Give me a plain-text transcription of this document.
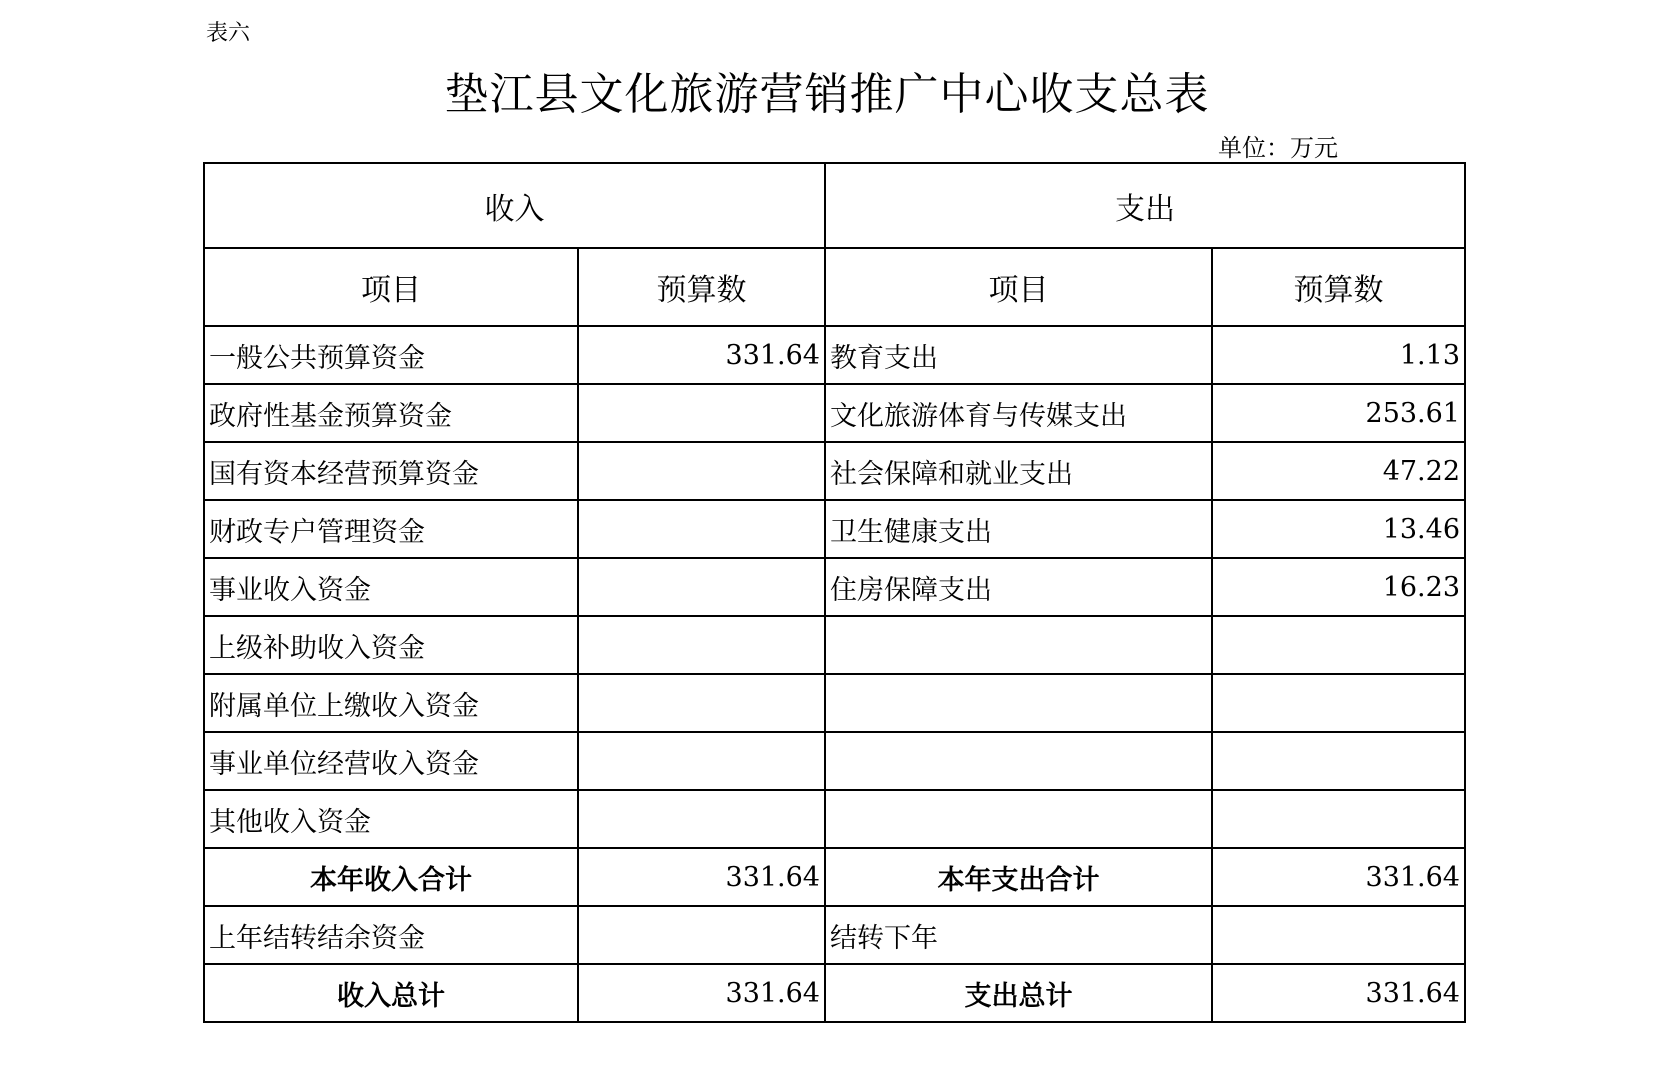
表六
垫江县文化旅游营销推广中心收支总表
单位：万元
收入		支出	
项目	预算数	项目	预算数
一般公共预算资金	331.64	教育支出	1.13
政府性基金预算资金		文化旅游体育与传媒支出	253.61
国有资本经营预算资金		社会保障和就业支出	47.22
财政专户管理资金		卫生健康支出	13.46
事业收入资金		住房保障支出	16.23
上级补助收入资金			
附属单位上缴收入资金			
事业单位经营收入资金			
其他收入资金			
本年收入合计	331.64	本年支出合计	331.64
上年结转结余资金		结转下年	
收入总计	331.64	支出总计	331.64
